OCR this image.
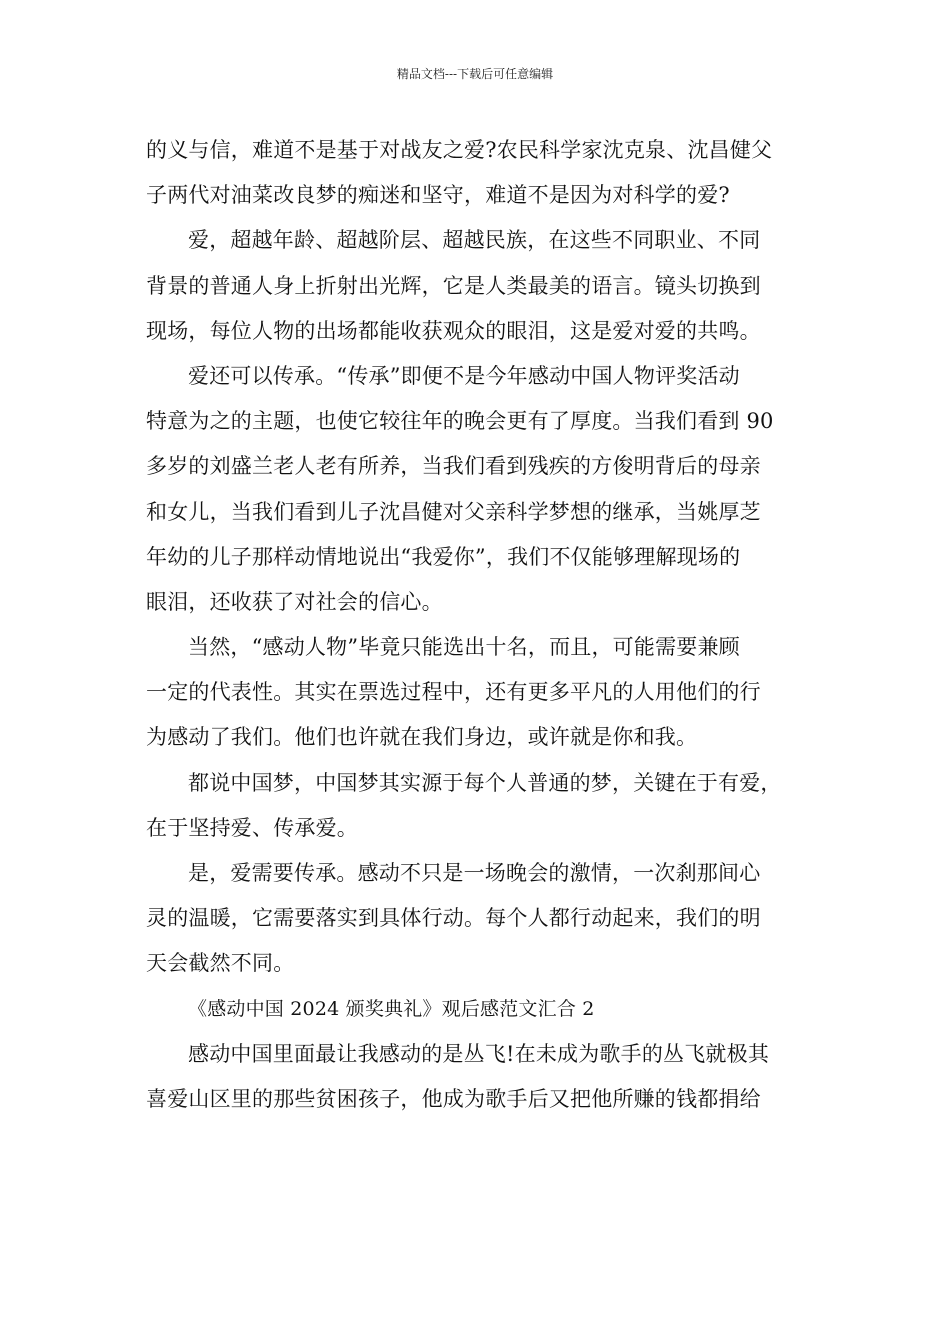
精品文档---下载后可任意编辑
的义与信，难道不是基于对战友之爱?农民科学家沈克泉、沈昌健父
子两代对油菜改良梦的痴迷和坚守，难道不是因为对科学的爱?
爱，超越年龄、超越阶层、超越民族，在这些不同职业、不同
背景的普通人身上折射出光辉，它是人类最美的语言。镜头切换到
现场，每位人物的出场都能收获观众的眼泪，这是爱对爱的共鸣。
爱还可以传承。“传承”即便不是今年感动中国人物评奖活动
特意为之的主题，也使它较往年的晚会更有了厚度。当我们看到 90
多岁的刘盛兰老人老有所养，当我们看到残疾的方俊明背后的母亲
和女儿，当我们看到儿子沈昌健对父亲科学梦想的继承，当姚厚芝
年幼的儿子那样动情地说出“我爱你”，我们不仅能够理解现场的
眼泪，还收获了对社会的信心。
当然，“感动人物”毕竟只能选出十名，而且，可能需要兼顾
一定的代表性。其实在票选过程中，还有更多平凡的人用他们的行
为感动了我们。他们也许就在我们身边，或许就是你和我。
都说中国梦，中国梦其实源于每个人普通的梦，关键在于有爱，
在于坚持爱、传承爱。
是，爱需要传承。感动不只是一场晚会的激情，一次刹那间心
灵的温暖，它需要落实到具体行动。每个人都行动起来，我们的明
天会截然不同。
《感动中国 2024 颁奖典礼》观后感范文汇合 2
感动中国里面最让我感动的是丛飞!在未成为歌手的丛飞就极其
喜爱山区里的那些贫困孩子，他成为歌手后又把他所赚的钱都捐给
